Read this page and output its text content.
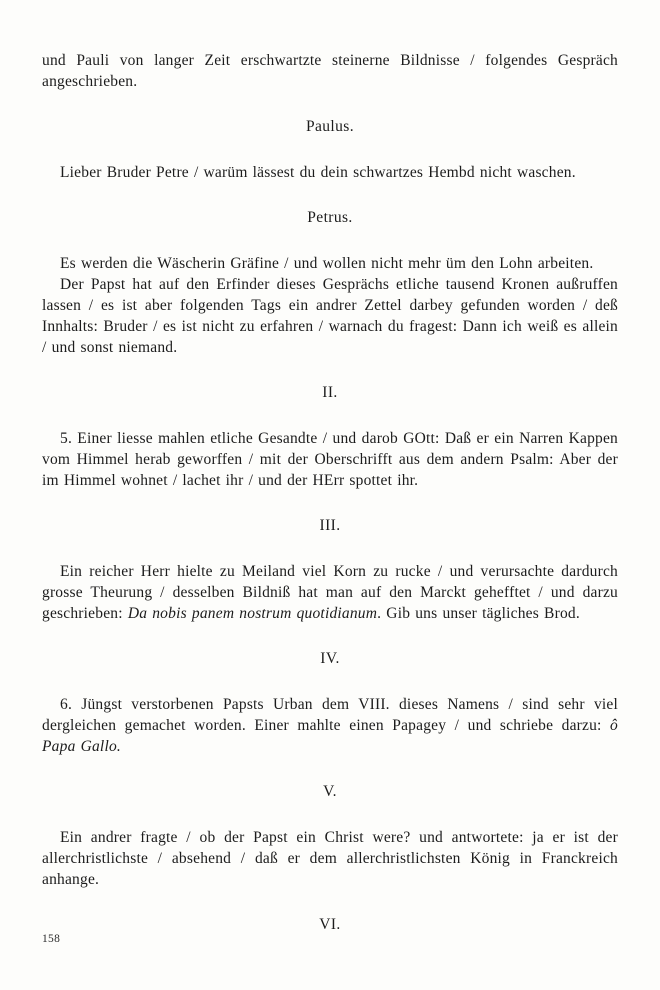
und Pauli von langer Zeit erschwartzte steinerne Bildnisse / folgendes Gespräch angeschrieben.

Paulus.

Lieber Bruder Petre / warüm lässest du dein schwartzes Hembd nicht waschen.

Petrus.

Es werden die Wäscherin Gräfine / und wollen nicht mehr üm den Lohn arbeiten.

Der Papst hat auf den Erfinder dieses Gesprächs etliche tausend Kronen außruffen lassen / es ist aber folgenden Tags ein andrer Zettel darbey gefunden worden / deß Innhalts: Bruder / es ist nicht zu erfahren / warnach du fragest: Dann ich weiß es allein / und sonst niemand.

II.

5. Einer liesse mahlen etliche Gesandte / und darob GOtt: Daß er ein Narren Kappen vom Himmel herab geworffen / mit der Oberschrifft aus dem andern Psalm: Aber der im Himmel wohnet / lachet ihr / und der HErr spottet ihr.

III.

Ein reicher Herr hielte zu Meiland viel Korn zu rucke / und verursachte dardurch grosse Theurung / desselben Bildniß hat man auf den Marckt gehefftet / und darzu geschrieben: Da nobis panem nostrum quotidianum. Gib uns unser tägliches Brod.

IV.

6. Jüngst verstorbenen Papsts Urban dem VIII. dieses Namens / sind sehr viel dergleichen gemachet worden. Einer mahlte einen Papagey / und schriebe darzu: ô Papa Gallo.

V.

Ein andrer fragte / ob der Papst ein Christ were? und antwortete: ja er ist der allerchristlichste / absehend / daß er dem allerchristlichsten König in Franckreich anhange.

VI.
158
